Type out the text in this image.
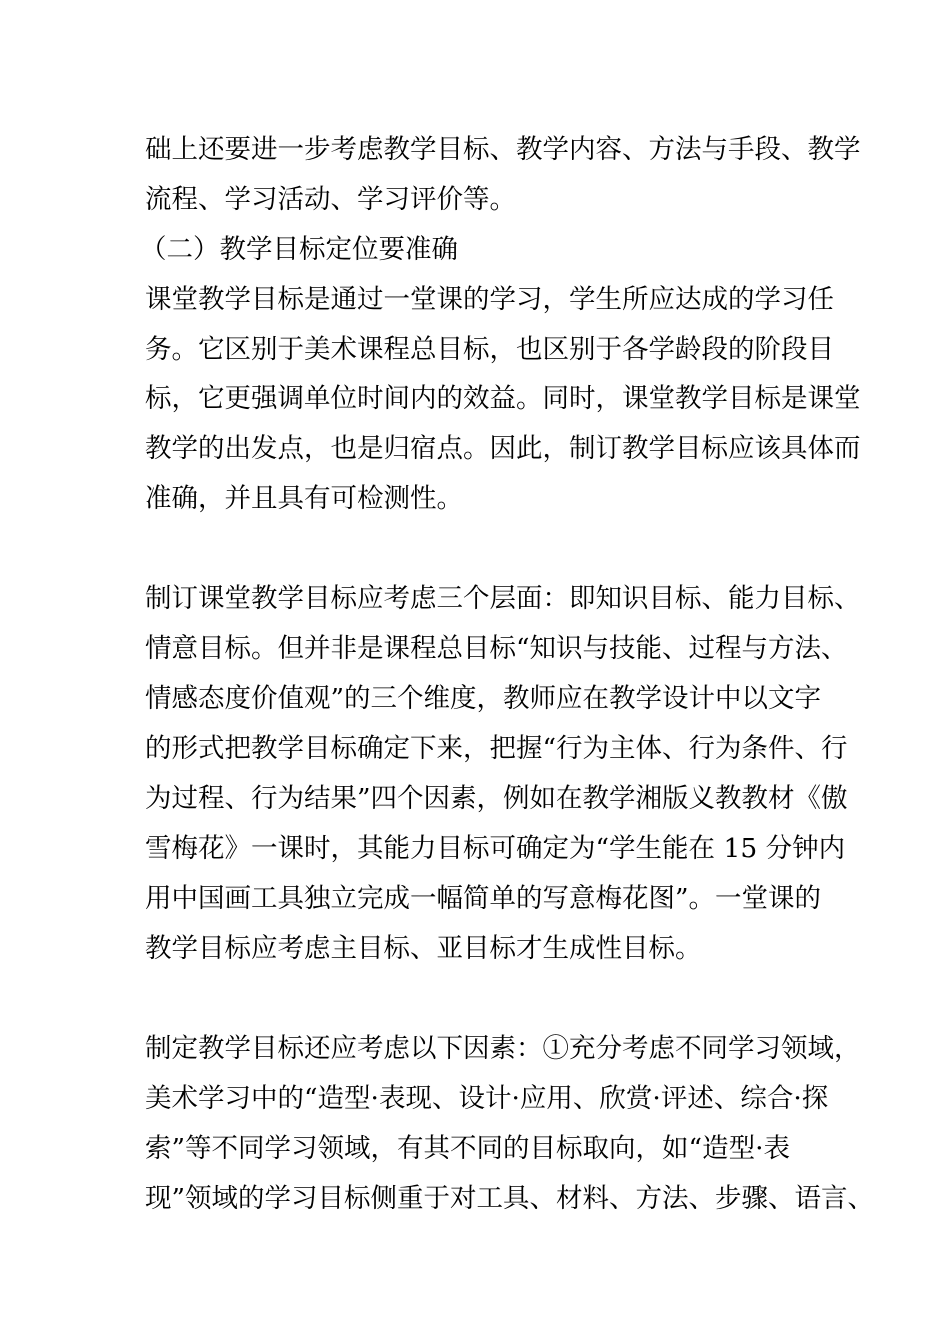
础上还要进一步考虑教学目标、教学内容、方法与手段、教学
流程、学习活动、学习评价等。
（二）教学目标定位要准确
课堂教学目标是通过一堂课的学习，学生所应达成的学习任
务。它区别于美术课程总目标，也区别于各学龄段的阶段目
标，它更强调单位时间内的效益。同时，课堂教学目标是课堂
教学的出发点，也是归宿点。因此，制订教学目标应该具体而
准确，并且具有可检测性。
制订课堂教学目标应考虑三个层面：即知识目标、能力目标、
情意目标。但并非是课程总目标“知识与技能、过程与方法、
情感态度价值观”的三个维度，教师应在教学设计中以文字
的形式把教学目标确定下来，把握“行为主体、行为条件、行
为过程、行为结果”四个因素，例如在教学湘版义教教材《傲
雪梅花》一课时，其能力目标可确定为“学生能在 15 分钟内
用中国画工具独立完成一幅简单的写意梅花图”。一堂课的
教学目标应考虑主目标、亚目标才生成性目标。
制定教学目标还应考虑以下因素：①充分考虑不同学习领域，
美术学习中的“造型·表现、设计·应用、欣赏·评述、综合·探
索”等不同学习领域，有其不同的目标取向，如“造型·表
现”领域的学习目标侧重于对工具、材料、方法、步骤、语言、
